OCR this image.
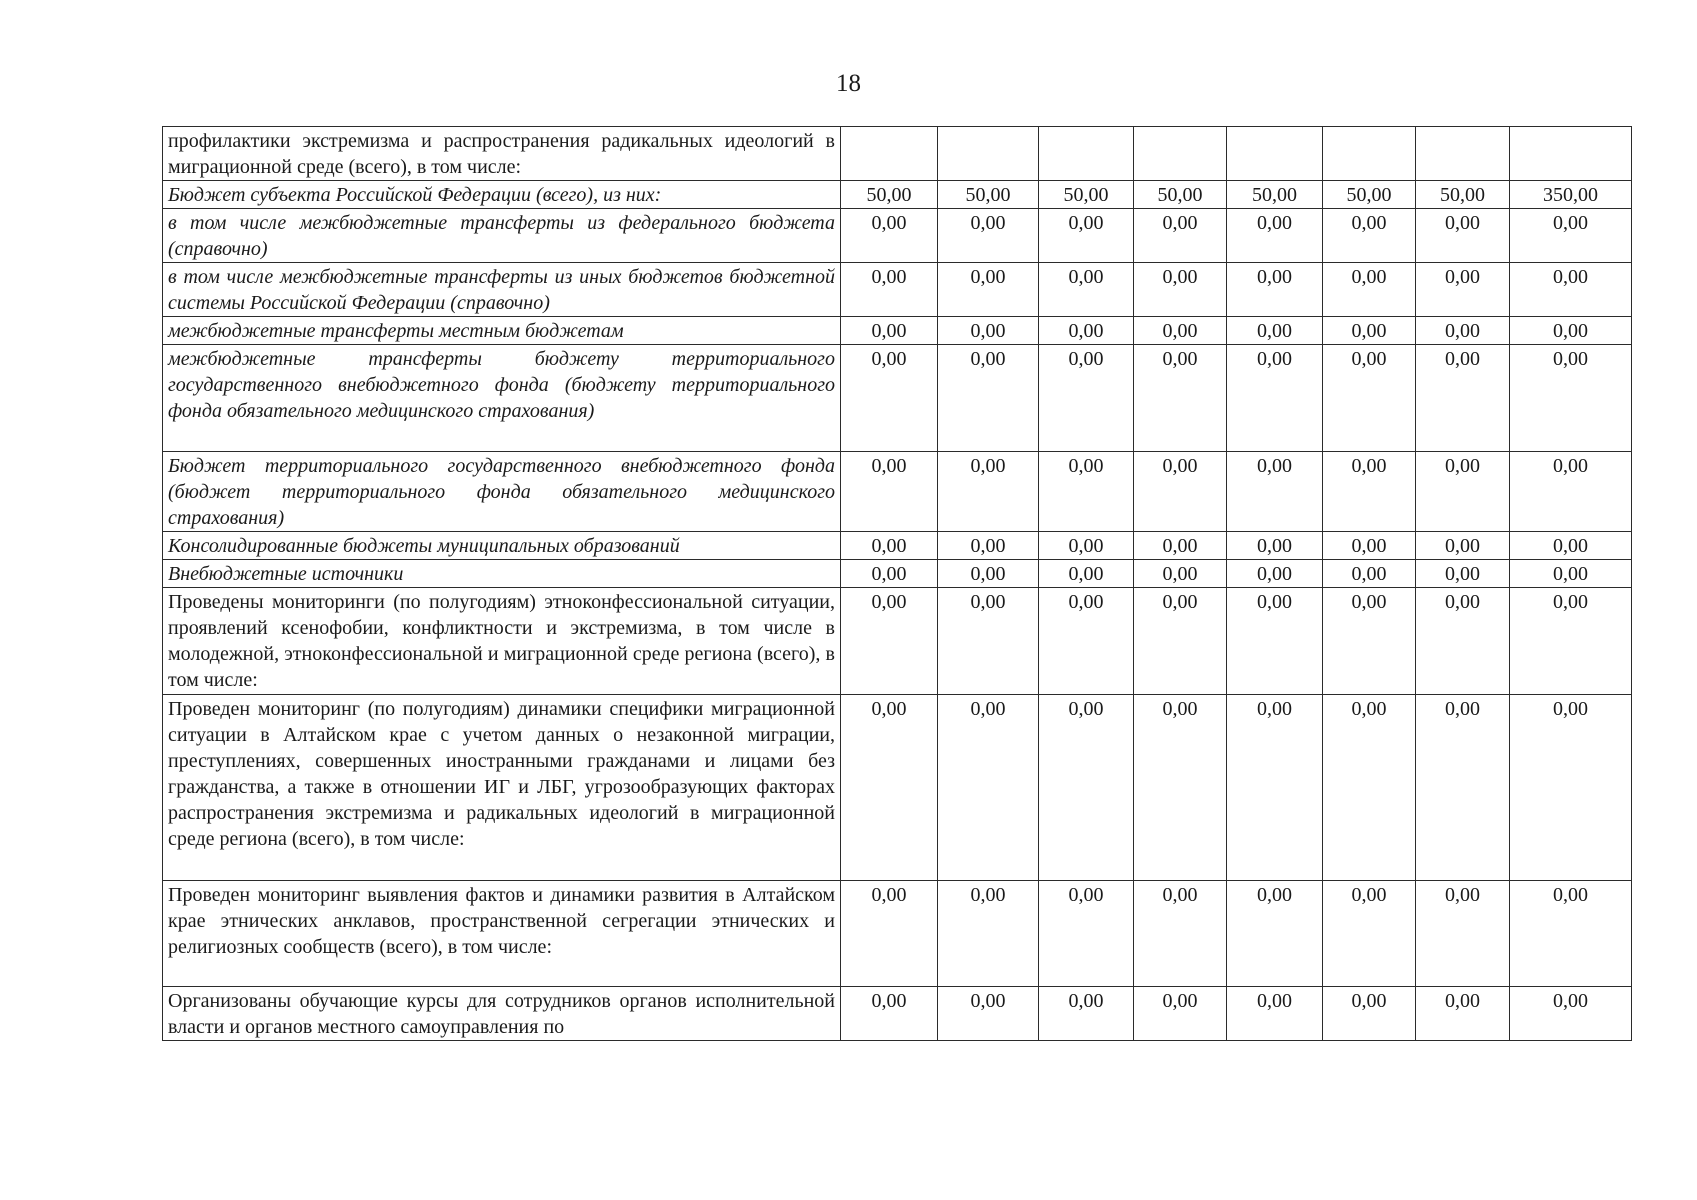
18
профилактики экстремизма и распространения радикальных идеологий в миграционной среде (всего), в том числе:								
Бюджет субъекта Российской Федерации (всего), из них:	50,00	50,00	50,00	50,00	50,00	50,00	50,00	350,00
в том числе межбюджетные трансферты из федерального бюджета (справочно)	0,00	0,00	0,00	0,00	0,00	0,00	0,00	0,00
в том числе межбюджетные трансферты из иных бюджетов бюджетной системы Российской Федерации (справочно)	0,00	0,00	0,00	0,00	0,00	0,00	0,00	0,00
межбюджетные трансферты местным бюджетам	0,00	0,00	0,00	0,00	0,00	0,00	0,00	0,00
межбюджетные трансферты бюджету территориального государственного внебюджетного фонда (бюджету территориального фонда обязательного медицинского страхования)	0,00	0,00	0,00	0,00	0,00	0,00	0,00	0,00
Бюджет территориального государственного внебюджетного фонда (бюджет территориального фонда обязательного медицинского страхования)	0,00	0,00	0,00	0,00	0,00	0,00	0,00	0,00
Консолидированные бюджеты муниципальных образований	0,00	0,00	0,00	0,00	0,00	0,00	0,00	0,00
Внебюджетные источники	0,00	0,00	0,00	0,00	0,00	0,00	0,00	0,00
Проведены мониторинги (по полугодиям) этноконфессиональной ситуации, проявлений ксенофобии, конфликтности и экстремизма, в том числе в молодежной, этноконфессиональной и миграционной среде региона (всего), в том числе:	0,00	0,00	0,00	0,00	0,00	0,00	0,00	0,00
Проведен мониторинг (по полугодиям) динамики специфики миграционной ситуации в Алтайском крае с учетом данных о незаконной миграции, преступлениях, совершенных иностранными гражданами и лицами без гражданства, а также в отношении ИГ и ЛБГ, угрозообразующих факторах распространения экстремизма и радикальных идеологий в миграционной среде региона (всего), в том числе:	0,00	0,00	0,00	0,00	0,00	0,00	0,00	0,00
Проведен мониторинг выявления фактов и динамики развития в Алтайском крае этнических анклавов, пространственной сегрегации этнических и религиозных сообществ (всего), в том числе:	0,00	0,00	0,00	0,00	0,00	0,00	0,00	0,00
Организованы обучающие курсы для сотрудников органов исполнительной власти и органов местного самоуправления по	0,00	0,00	0,00	0,00	0,00	0,00	0,00	0,00
